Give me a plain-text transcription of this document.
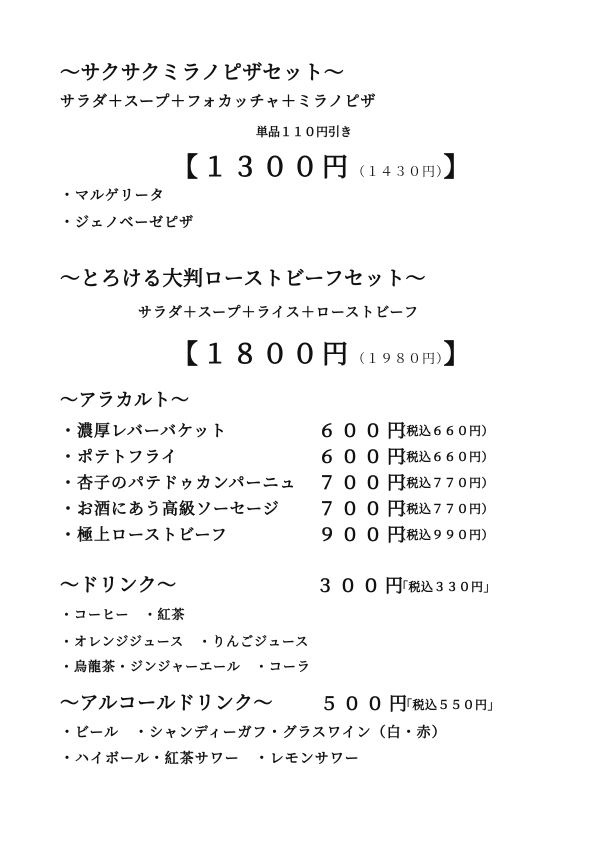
～サクサクミラノピザセット～
サラダ＋スープ＋フォカッチャ＋ミラノピザ
単品１１０円引き
【１３００円（１４３０円）】
・マルゲリータ
・ジェノベーゼピザ
～とろける大判ローストビーフセット～
サラダ＋スープ＋ライス＋ローストビーフ
【１８００円（１９８０円）】
～アラカルト～
・濃厚レバーバケット	６００円
（税込６６０円）
・ポテトフライ	６００円
（税込６６０円）
・杏子のパテドゥカンパーニュ ７００円
（税込７７０円）
・お酒にあう高級ソーセージ ７００円
（税込７７０円）
・極上ローストビーフ	９００円
（税込９９０円）
～ドリンク～	３００円
「税込３３０円」
・コーヒー　・紅茶
・オレンジジュース　・りんごジュース
・烏龍茶・ジンジャーエール　・コーラ
～アルコールドリンク～	５００円
「税込５５０円」
・ビール　・シャンディーガフ・グラスワイン（白・赤）
・ハイボール・紅茶サワー　・レモンサワー
